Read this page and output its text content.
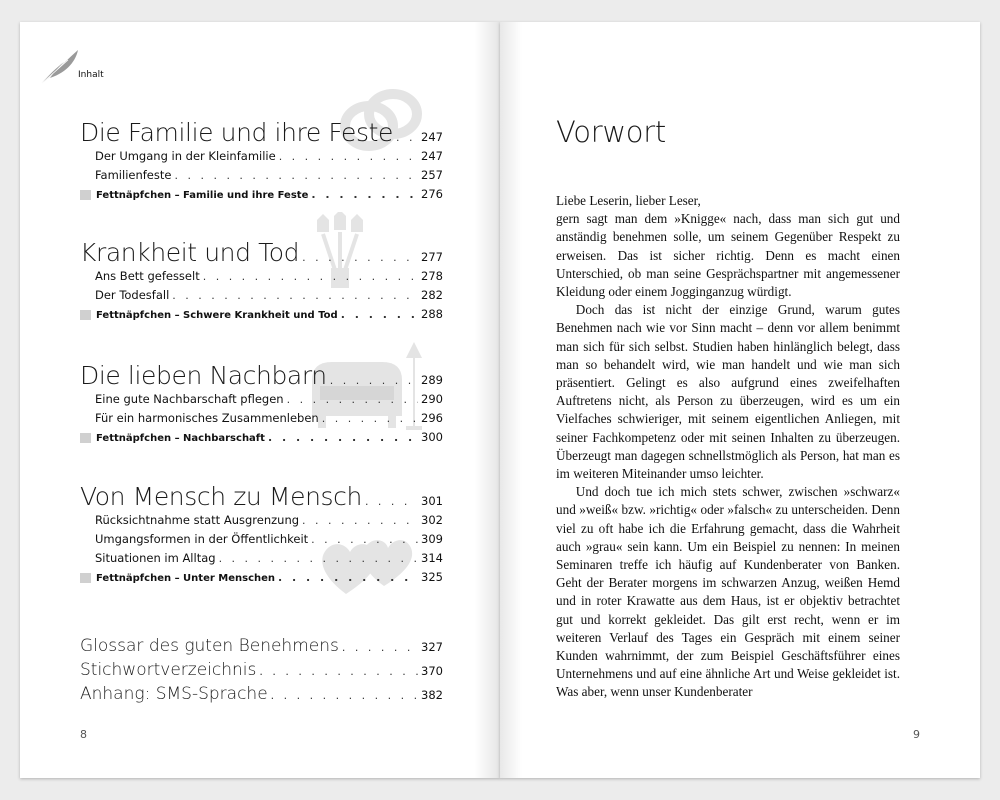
Inhalt
Die Familie und ihre Feste . . . 247
Der Umgang in der Kleinfamilie . . .	247
Familienfeste . . .	257
Fettnäpfchen – Familie und ihre Feste . . .	276
Krankheit und Tod . . .	277
Ans Bett gefesselt . . .	278
Der Todesfall . . .	282
Fettnäpfchen – Schwere Krankheit und Tod . . .	288
Die lieben Nachbarn . . .	289
Eine gute Nachbarschaft pflegen . . .	290
Für ein harmonisches Zusammenleben . . .	296
Fettnäpfchen – Nachbarschaft . . .	300
Von Mensch zu Mensch . . .	301
Rücksichtnahme statt Ausgrenzung . . .	302
Umgangsformen in der Öffentlichkeit . . .	309
Situationen im Alltag . . .	314
Fettnäpfchen – Unter Menschen . . .	325
Glossar des guten Benehmens . . .	327
Stichwortverzeichnis . . .	370
Anhang: SMS-Sprache . . .	382
8
Vorwort

Liebe Leserin, lieber Leser,

gern sagt man dem »Knigge« nach, dass man sich gut und anständig benehmen solle, um seinem Gegenüber Respekt zu erweisen. Das ist sicher richtig. Denn es macht einen Unterschied, ob man seine Gesprächspartner mit angemessener Kleidung oder einem Jogginganzug würdigt.

Doch das ist nicht der einzige Grund, warum gutes Benehmen nach wie vor Sinn macht – denn vor allem benimmt man sich für sich selbst. Studien haben hinlänglich belegt, dass man so behandelt wird, wie man handelt und wie man sich präsentiert. Gelingt es also aufgrund eines zweifelhaften Auftretens nicht, als Person zu überzeugen, wird es um ein Vielfaches schwieriger, mit seinem eigentlichen Anliegen, mit seiner Fachkompetenz oder mit seinen Inhalten zu überzeugen. Überzeugt man dagegen schnellstmöglich als Person, hat man es im weiteren Miteinander umso leichter.

Und doch tue ich mich stets schwer, zwischen »schwarz« und »weiß« bzw. »richtig« oder »falsch« zu unterscheiden. Denn viel zu oft habe ich die Erfahrung gemacht, dass die Wahrheit auch »grau« sein kann. Um ein Beispiel zu nennen: In meinen Seminaren treffe ich häufig auf Kundenberater von Banken. Geht der Berater morgens im schwarzen Anzug, weißen Hemd und in roter Krawatte aus dem Haus, ist er objektiv betrachtet gut und korrekt gekleidet. Das gilt erst recht, wenn er im weiteren Verlauf des Tages ein Gespräch mit einem seiner Kunden wahrnimmt, der zum Beispiel Geschäftsführer eines Unternehmens und auf eine ähnliche Art und Weise gekleidet ist. Was aber, wenn unser Kundenberater

9
